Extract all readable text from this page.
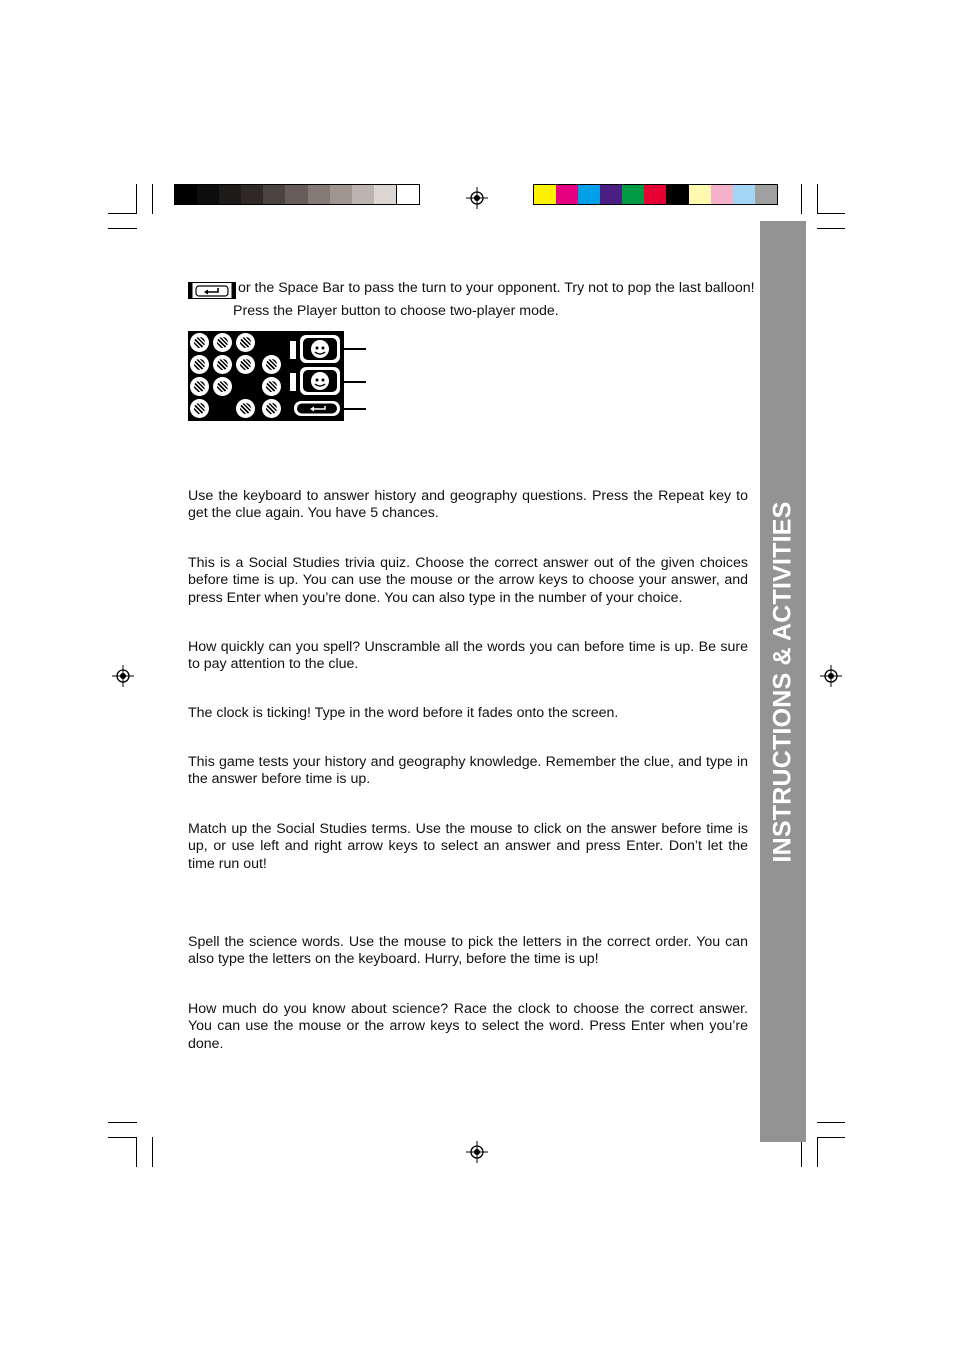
INSTRUCTIONS & ACTIVITIES
or the Space Bar to pass the turn to your opponent. Try not to pop the last balloon!
Press the Player button to choose two-player mode.
Use the keyboard to answer history and geography questions. Press the Repeat key to get the clue again. You have 5 chances.
This is a Social Studies trivia quiz. Choose the correct answer out of the given choices before time is up. You can use the mouse or the arrow keys to choose your answer, and press Enter when you’re done. You can also type in the number of your choice.
How quickly can you spell? Unscramble all the words you can before time is up. Be sure to pay attention to the clue.
The clock is ticking! Type in the word before it fades onto the screen.
This game tests your history and geography knowledge. Remember the clue, and type in the answer before time is up.
Match up the Social Studies terms. Use the mouse to click on the answer before time is up, or use left and right arrow keys to select an answer and press Enter. Don’t let the time run out!
Spell the science words. Use the mouse to pick the letters in the correct order. You can also type the letters on the keyboard. Hurry, before the time is up!
How much do you know about science? Race the clock to choose the correct answer. You can use the mouse or the arrow keys to select the word. Press Enter when you’re done.
